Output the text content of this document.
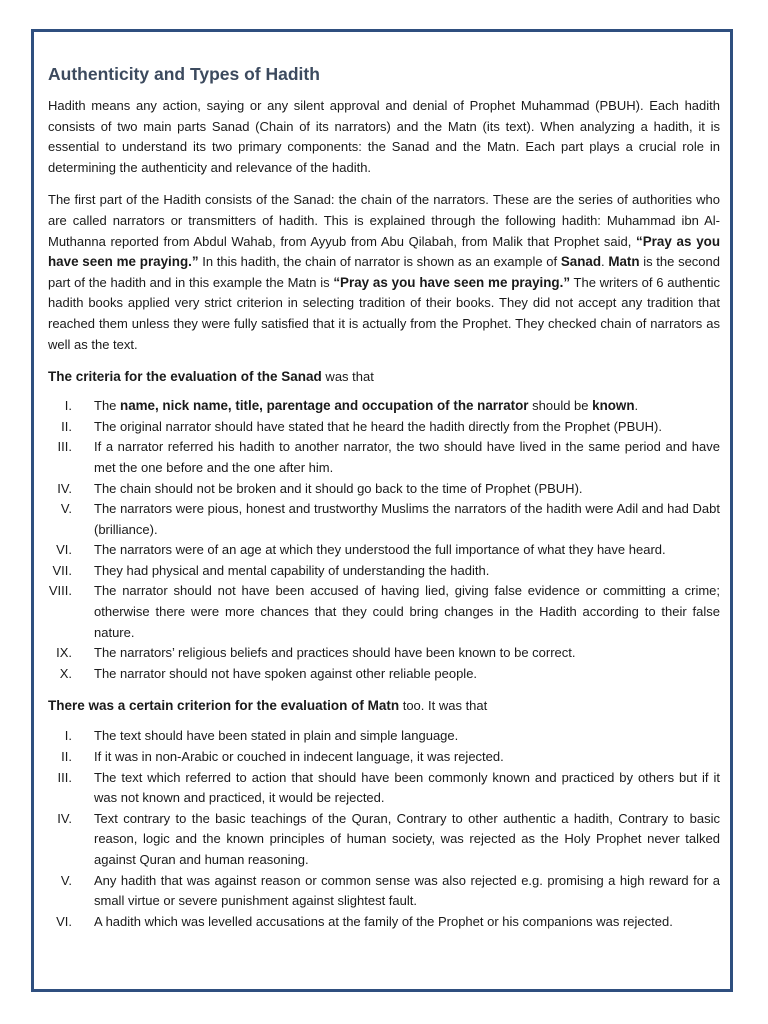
Authenticity and Types of Hadith

Hadith means any action, saying or any silent approval and denial of Prophet Muhammad (PBUH). Each hadith consists of two main parts Sanad (Chain of its narrators) and the Matn (its text). When analyzing a hadith, it is essential to understand its two primary components: the Sanad and the Matn. Each part plays a crucial role in determining the authenticity and relevance of the hadith.

The first part of the Hadith consists of the Sanad: the chain of the narrators. These are the series of authorities who are called narrators or transmitters of hadith. This is explained through the following hadith: Muhammad ibn Al-Muthanna reported from Abdul Wahab, from Ayyub from Abu Qilabah, from Malik that Prophet said, “Pray as you have seen me praying.” In this hadith, the chain of narrator is shown as an example of Sanad. Matn is the second part of the hadith and in this example the Matn is “Pray as you have seen me praying.” The writers of 6 authentic hadith books applied very strict criterion in selecting tradition of their books. They did not accept any tradition that reached them unless they were fully satisfied that it is actually from the Prophet. They checked chain of narrators as well as the text.

The criteria for the evaluation of the Sanad was that

I. The name, nick name, title, parentage and occupation of the narrator should be known.
II. The original narrator should have stated that he heard the hadith directly from the Prophet (PBUH).
III. If a narrator referred his hadith to another narrator, the two should have lived in the same period and have met the one before and the one after him.
IV. The chain should not be broken and it should go back to the time of Prophet (PBUH).
V. The narrators were pious, honest and trustworthy Muslims the narrators of the hadith were Adil and had Dabt (brilliance).
VI. The narrators were of an age at which they understood the full importance of what they have heard.
VII. They had physical and mental capability of understanding the hadith.
VIII. The narrator should not have been accused of having lied, giving false evidence or committing a crime; otherwise there were more chances that they could bring changes in the Hadith according to their false nature.
IX. The narrators’ religious beliefs and practices should have been known to be correct.
X. The narrator should not have spoken against other reliable people.

There was a certain criterion for the evaluation of Matn too. It was that

I. The text should have been stated in plain and simple language.
II. If it was in non-Arabic or couched in indecent language, it was rejected.
III. The text which referred to action that should have been commonly known and practiced by others but if it was not known and practiced, it would be rejected.
IV. Text contrary to the basic teachings of the Quran, Contrary to other authentic a hadith, Contrary to basic reason, logic and the known principles of human society, was rejected as the Holy Prophet never talked against Quran and human reasoning.
V. Any hadith that was against reason or common sense was also rejected e.g. promising a high reward for a small virtue or severe punishment against slightest fault.
VI. A hadith which was levelled accusations at the family of the Prophet or his companions was rejected.
